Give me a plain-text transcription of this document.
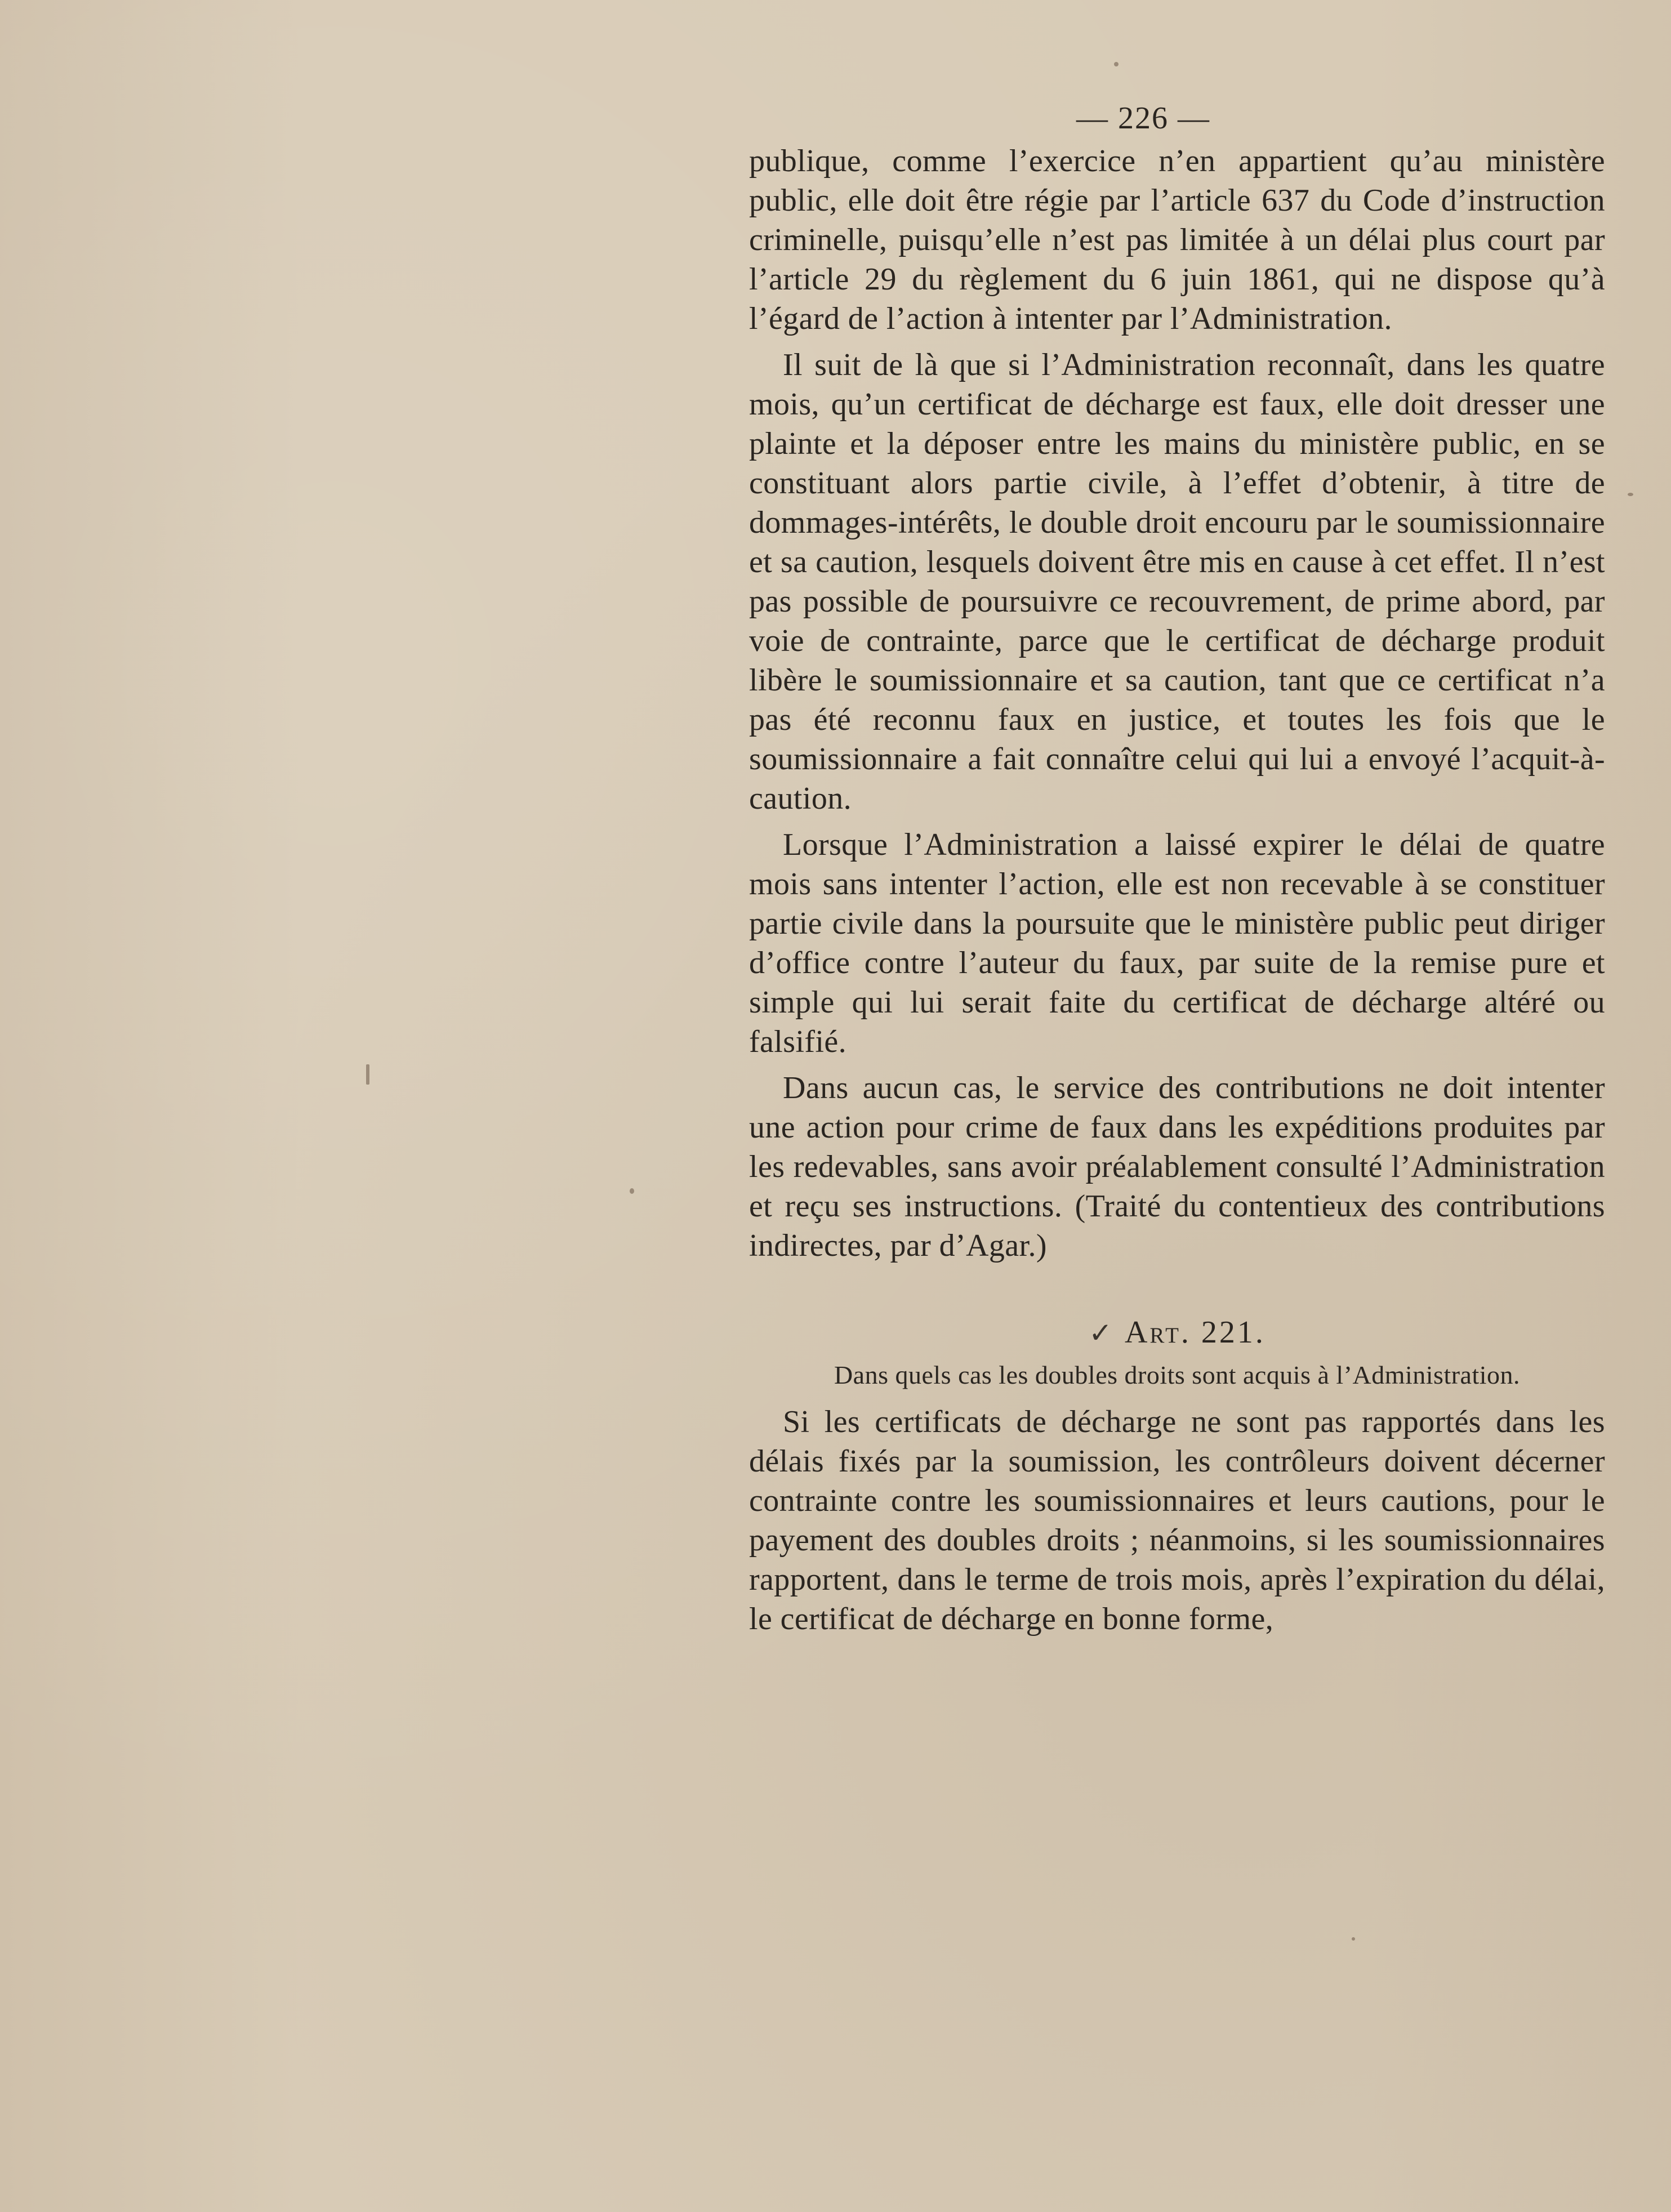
— 226 —

publique, comme l’exercice n’en appartient qu’au ministère public, elle doit être régie par l’article 637 du Code d’instruction criminelle, puisqu’elle n’est pas limitée à un délai plus court par l’article 29 du règlement du 6 juin 1861, qui ne dispose qu’à l’égard de l’action à intenter par l’Administration.

Il suit de là que si l’Administration reconnaît, dans les quatre mois, qu’un certificat de décharge est faux, elle doit dresser une plainte et la déposer entre les mains du ministère public, en se constituant alors partie civile, à l’effet d’obtenir, à titre de dommages-intérêts, le double droit encouru par le soumissionnaire et sa caution, lesquels doivent être mis en cause à cet effet. Il n’est pas possible de poursuivre ce recouvrement, de prime abord, par voie de contrainte, parce que le certificat de décharge produit libère le soumissionnaire et sa caution, tant que ce certificat n’a pas été reconnu faux en justice, et toutes les fois que le soumissionnaire a fait connaître celui qui lui a envoyé l’acquit-à-caution.

Lorsque l’Administration a laissé expirer le délai de quatre mois sans intenter l’action, elle est non recevable à se constituer partie civile dans la poursuite que le ministère public peut diriger d’office contre l’auteur du faux, par suite de la remise pure et simple qui lui serait faite du certificat de décharge altéré ou falsifié.

Dans aucun cas, le service des contributions ne doit intenter une action pour crime de faux dans les expéditions produites par les redevables, sans avoir préalablement consulté l’Administration et reçu ses instructions. (Traité du contentieux des contributions indirectes, par d’Agar.)

✓ Art. 221.
Dans quels cas les doubles droits sont acquis à l’Administration.

Si les certificats de décharge ne sont pas rapportés dans les délais fixés par la soumission, les contrôleurs doivent décerner contrainte contre les soumissionnaires et leurs cautions, pour le payement des doubles droits ; néanmoins, si les soumissionnaires rapportent, dans le terme de trois mois, après l’expiration du délai, le certificat de décharge en bonne forme,
